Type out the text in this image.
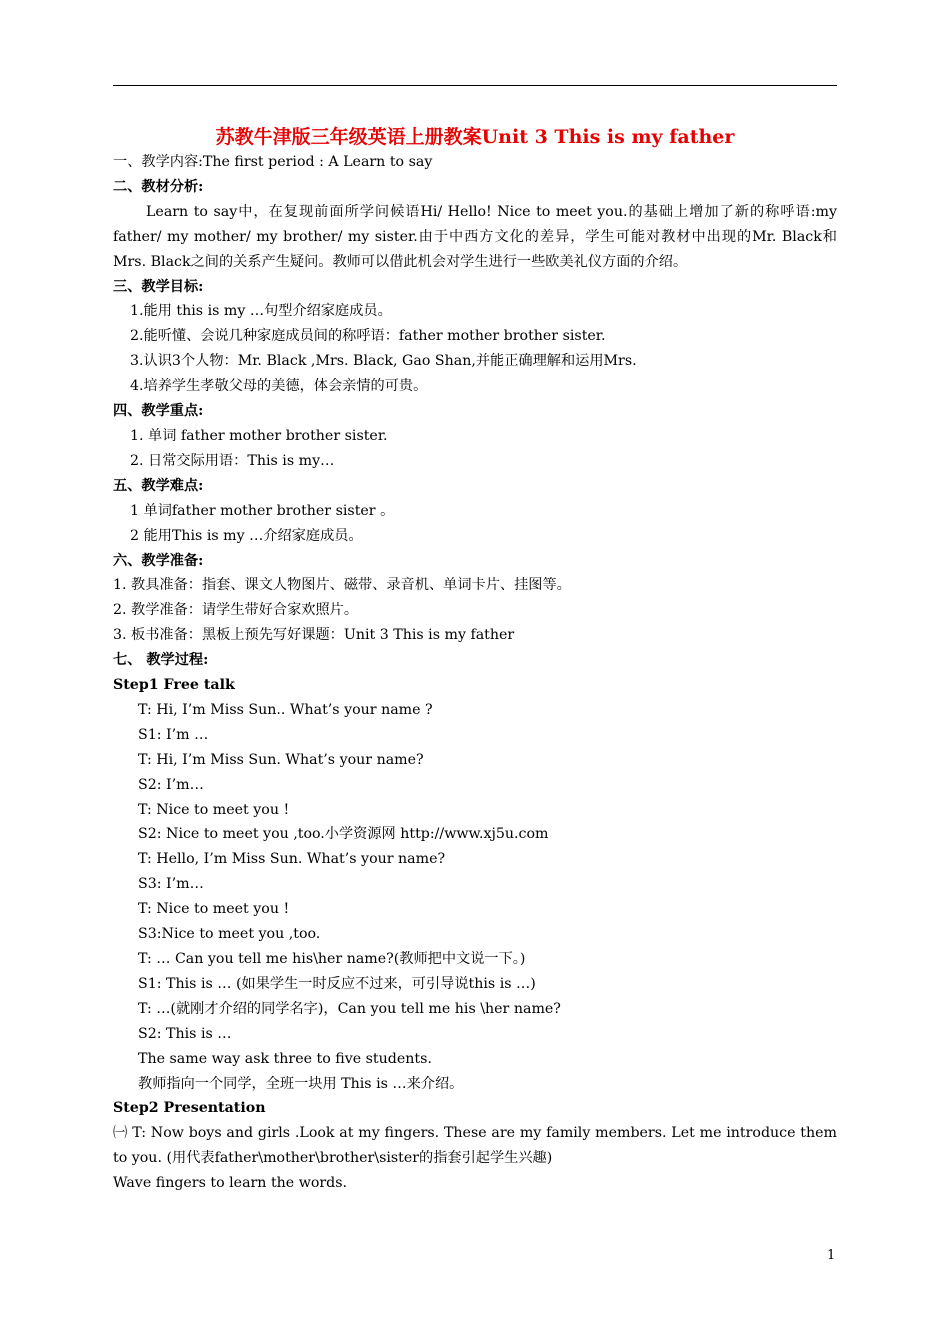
苏教牛津版三年级英语上册教案Unit 3 This is my father
一、教学内容:The first period : A Learn to say
二、教材分析:
Learn to say中，在复现前面所学问候语Hi/ Hello! Nice to meet you.的基础上增加了新的称呼语:my father/ my mother/ my brother/ my sister.由于中西方文化的差异，学生可能对教材中出现的Mr. Black和Mrs. Black之间的关系产生疑问。教师可以借此机会对学生进行一些欧美礼仪方面的介绍。
三、教学目标:
1.能用 this is my …句型介绍家庭成员。
2.能听懂、会说几种家庭成员间的称呼语：father mother brother sister.
3.认识3个人物：Mr. Black ,Mrs. Black, Gao Shan,并能正确理解和运用Mrs.
4.培养学生孝敬父母的美德，体会亲情的可贵。
四、教学重点:
1. 单词 father mother brother sister.
2. 日常交际用语：This is my…
五、教学难点:
1 单词father mother brother sister 。
2 能用This is my …介绍家庭成员。
六、教学准备:
1. 教具准备：指套、课文人物图片、磁带、录音机、单词卡片、挂图等。
2. 教学准备：请学生带好合家欢照片。
3. 板书准备：黑板上预先写好课题：Unit 3 This is my father
七、 教学过程:
Step1 Free talk
T: Hi, I’m Miss Sun.. What’s your name ?
S1: I’m …
T: Hi, I’m Miss Sun. What’s your name?
S2: I’m…
T: Nice to meet you !
S2: Nice to meet you ,too.小学资源网 http://www.xj5u.com
T: Hello, I’m Miss Sun. What’s your name?
S3: I’m…
T: Nice to meet you !
S3:Nice to meet you ,too.
T: … Can you tell me his\her name?(教师把中文说一下。)
S1: This is … (如果学生一时反应不过来，可引导说this is …)
T: …(就刚才介绍的同学名字)，Can you tell me his \her name?
S2: This is …
The same way ask three to five students.
教师指向一个同学，全班一块用 This is …来介绍。
Step2 Presentation
㈠ T: Now boys and girls .Look at my fingers. These are my family members. Let me introduce them to you. (用代表father\mother\brother\sister的指套引起学生兴趣)
Wave fingers to learn the words.
1
